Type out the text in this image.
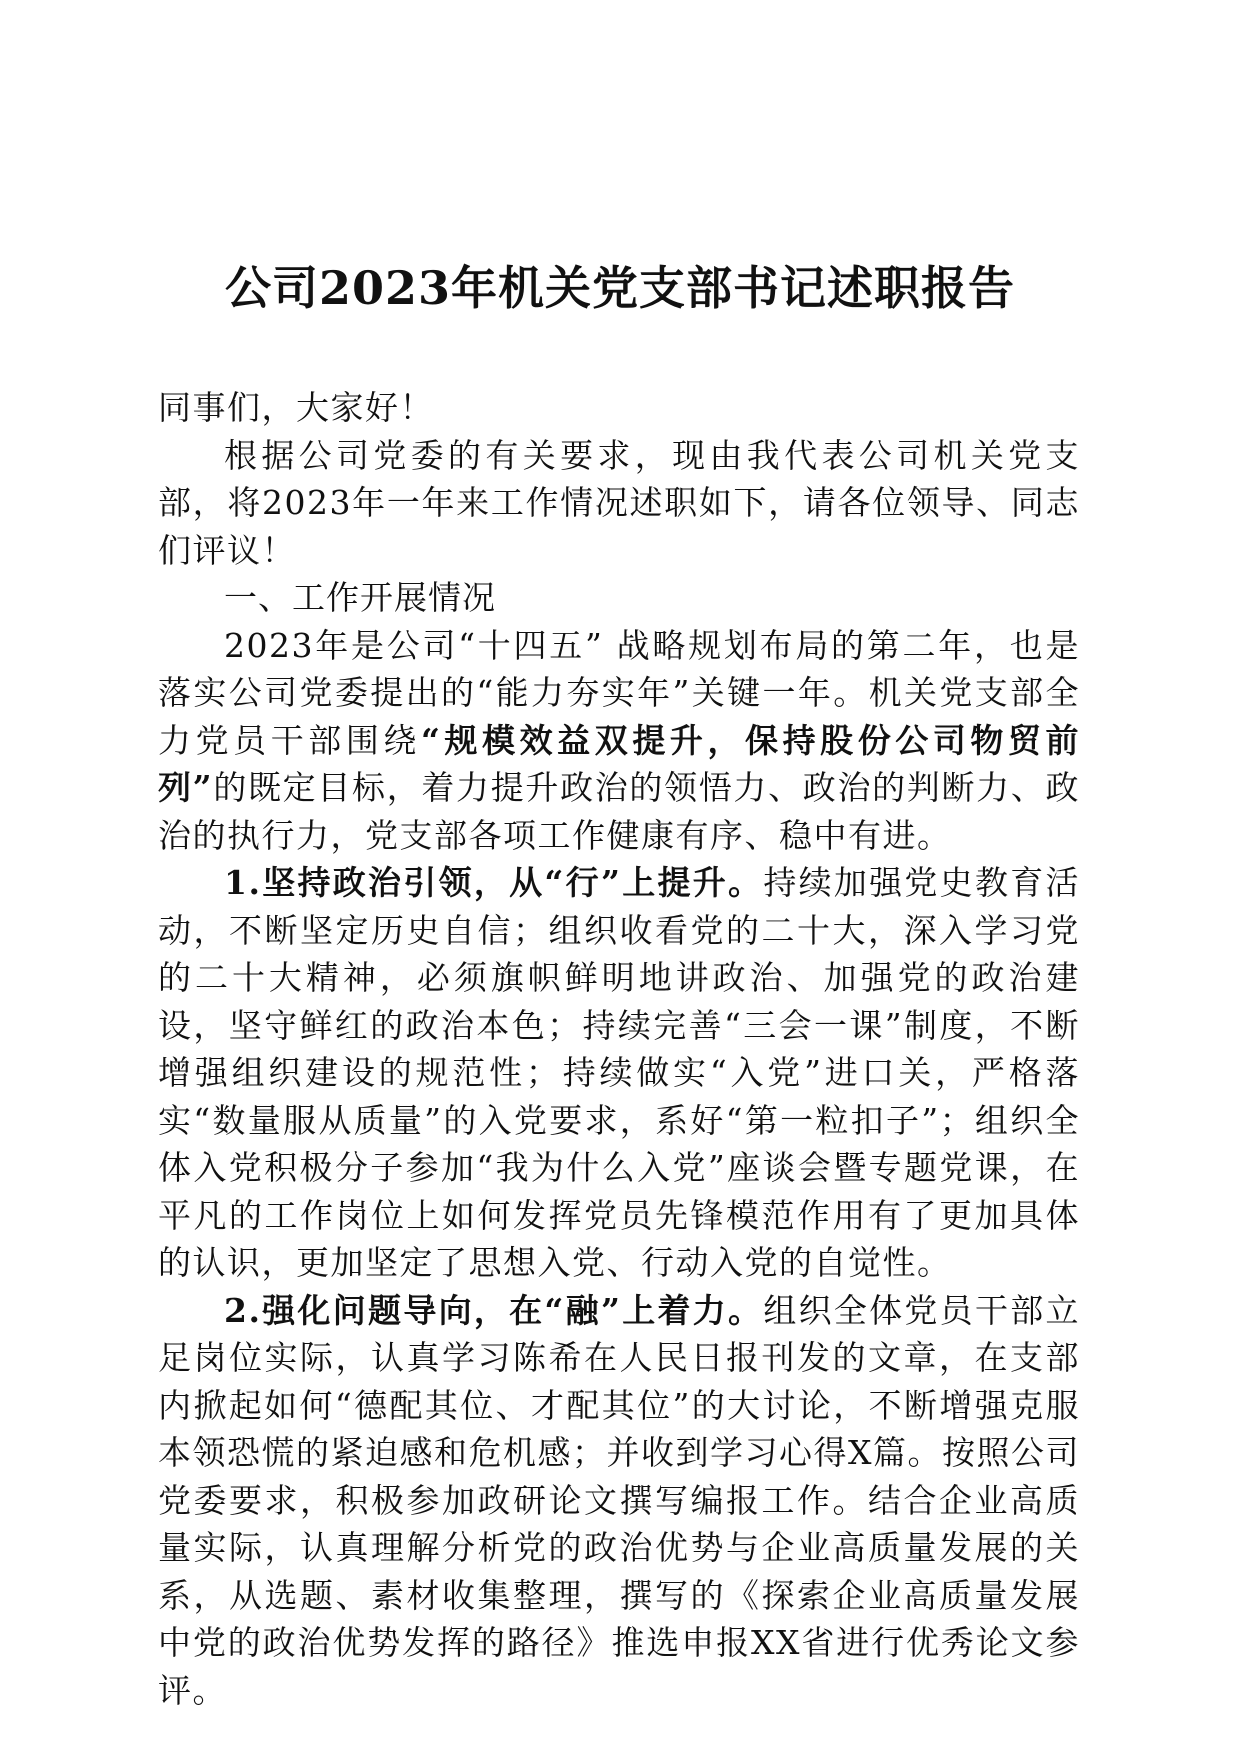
公司2023年机关党支部书记述职报告

同事们，大家好！

根据公司党委的有关要求，现由我代表公司机关党支部，将2023年一年来工作情况述职如下，请各位领导、同志们评议！

一、工作开展情况

2023年是公司“十四五” 战略规划布局的第二年，也是落实公司党委提出的“能力夯实年”关键一年。机关党支部全力党员干部围绕“规模效益双提升，保持股份公司物贸前列”的既定目标，着力提升政治的领悟力、政治的判断力、政治的执行力，党支部各项工作健康有序、稳中有进。

1.坚持政治引领，从“行”上提升。持续加强党史教育活动，不断坚定历史自信；组织收看党的二十大，深入学习党的二十大精神，必须旗帜鲜明地讲政治、加强党的政治建设，坚守鲜红的政治本色；持续完善“三会一课”制度，不断增强组织建设的规范性；持续做实“入党”进口关，严格落实“数量服从质量”的入党要求，系好“第一粒扣子”；组织全体入党积极分子参加“我为什么入党”座谈会暨专题党课，在平凡的工作岗位上如何发挥党员先锋模范作用有了更加具体的认识，更加坚定了思想入党、行动入党的自觉性。

2.强化问题导向，在“融”上着力。组织全体党员干部立足岗位实际，认真学习陈希在人民日报刊发的文章，在支部内掀起如何“德配其位、才配其位”的大讨论，不断增强克服本领恐慌的紧迫感和危机感；并收到学习心得X篇。按照公司党委要求，积极参加政研论文撰写编报工作。结合企业高质量实际，认真理解分析党的政治优势与企业高质量发展的关系，从选题、素材收集整理，撰写的《探索企业高质量发展中党的政治优势发挥的路径》推选申报XX省进行优秀论文参评。
